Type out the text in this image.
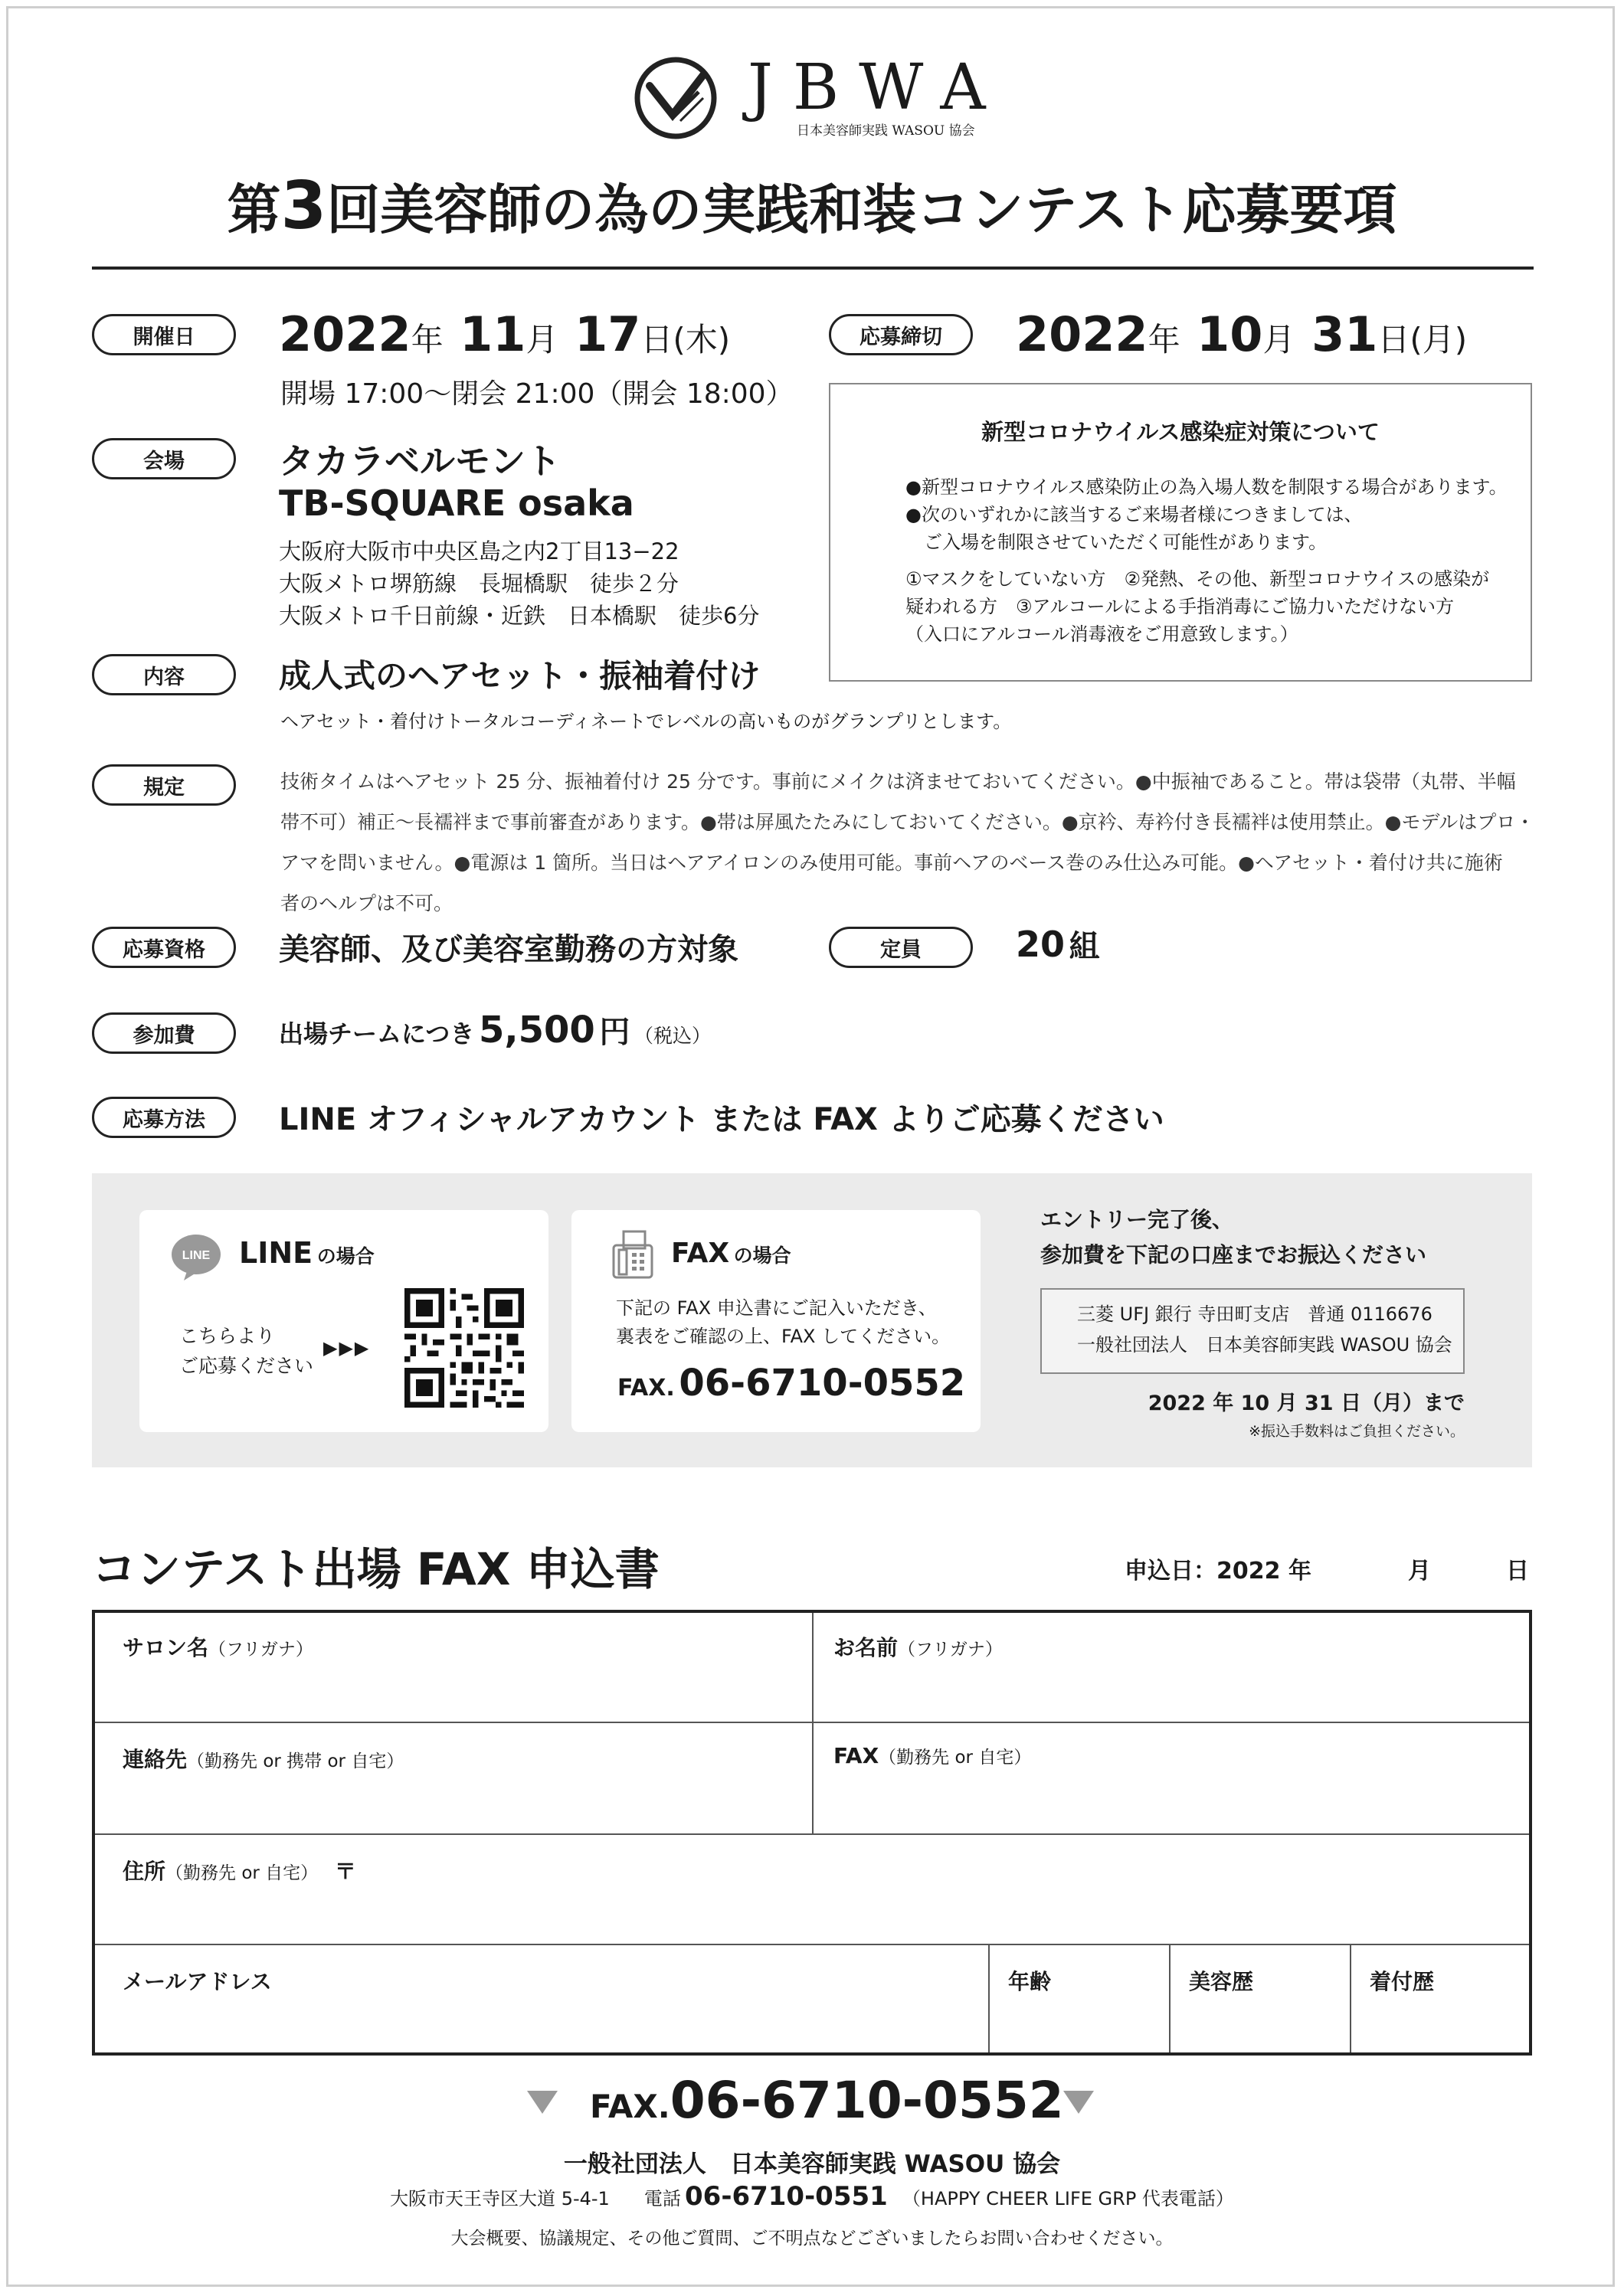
JBWA
日本美容師実践 WASOU 協会
第3回美容師の為の実践和装コンテスト応募要項
開催日	2022年 11月 17日(木)
開場 17:00〜閉会 21:00（開会 18:00）
応募締切	2022年 10月 31日(月)
新型コロナウイルス感染症対策について
●新型コロナウイルス感染防止の為入場人数を制限する場合があります。
●次のいずれかに該当するご来場者様につきましては、
　ご入場を制限させていただく可能性があります。
①マスクをしていない方　②発熱、その他、新型コロナウイスの感染が
疑われる方　③アルコールによる手指消毒にご協力いただけない方
（入口にアルコール消毒液をご用意致します。）
会場	タカラベルモント
TB-SQUARE osaka
大阪府大阪市中央区島之内2丁目13−22
大阪メトロ堺筋線　長堀橋駅　徒歩２分
大阪メトロ千日前線・近鉄　日本橋駅　徒歩6分
内容	成人式のヘアセット・振袖着付け
ヘアセット・着付けトータルコーディネートでレベルの高いものがグランプリとします。
規定	技術タイムはヘアセット 25 分、振袖着付け 25 分です。事前にメイクは済ませておいてください。●中振袖であること。帯は袋帯（丸帯、半幅
帯不可）補正〜長襦袢まで事前審査があります。●帯は屏風たたみにしておいてください。●京衿、寿衿付き長襦袢は使用禁止。●モデルはプロ・
アマを問いません。●電源は 1 箇所。当日はヘアアイロンのみ使用可能。事前ヘアのベース巻のみ仕込み可能。●ヘアセット・着付け共に施術
者のヘルプは不可。
応募資格	美容師、及び美容室勤務の方対象	定員	20 組
参加費	出場チームにつき 5,500 円 （税込）
応募方法	LINE オフィシャルアカウント または FAX よりご応募ください
LINE LINE の場合
こちらより
ご応募ください
▶▶▶
FAX の場合
下記の FAX 申込書にご記入いただき、
裏表をご確認の上、FAX してください。
FAX. 06-6710-0552
エントリー完了後、
参加費を下記の口座までお振込ください
三菱 UFJ 銀行 寺田町支店　普通 0116676
一般社団法人　日本美容師実践 WASOU 協会
2022 年 10 月 31 日（月）まで
※振込手数料はご負担ください。
コンテスト出場 FAX 申込書	申込日：2022 年	月	日
サロン名（フリガナ）	お名前（フリガナ）
連絡先（勤務先 or 携帯 or 自宅）	FAX（勤務先 or 自宅）
住所（勤務先 or 自宅） 〒
メールアドレス	年齢	美容歴	着付歴
FAX.06-6710-0552
一般社団法人　日本美容師実践 WASOU 協会
大阪市天王寺区大道 5-4-1 電話 06-6710-0551 （HAPPY CHEER LIFE GRP 代表電話）
大会概要、協議規定、その他ご質問、ご不明点などございましたらお問い合わせください。
